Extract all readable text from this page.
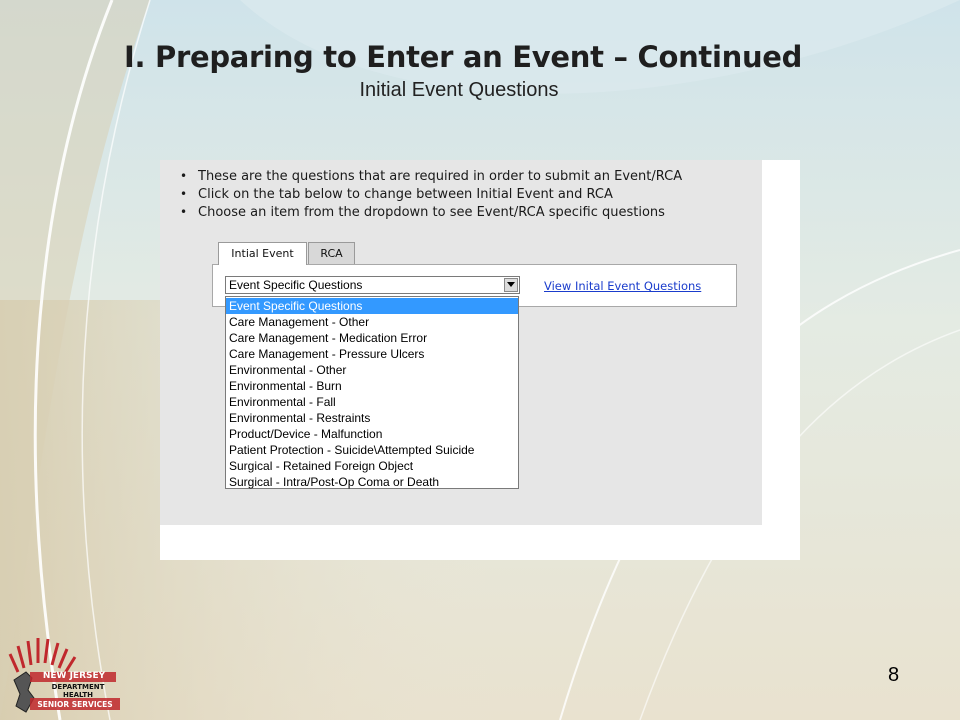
I. Preparing to Enter an Event – Continued
Initial Event Questions
• These are the questions that are required in order to submit an Event/RCA
• Click on the tab below to change between Initial Event and RCA
• Choose an item from the dropdown to see Event/RCA specific questions
Intial Event	RCA
Event Specific Questions	View Inital Event Questions
Event Specific Questions
Care Management - Other
Care Management - Medication Error
Care Management - Pressure Ulcers
Environmental - Other
Environmental - Burn
Environmental - Fall
Environmental - Restraints
Product/Device - Malfunction
Patient Protection - Suicide\Attempted Suicide
Surgical - Retained Foreign Object
Surgical - Intra/Post-Op Coma or Death
NEW JERSEY
DEPARTMENT
HEALTH
SENIOR SERVICES
8
